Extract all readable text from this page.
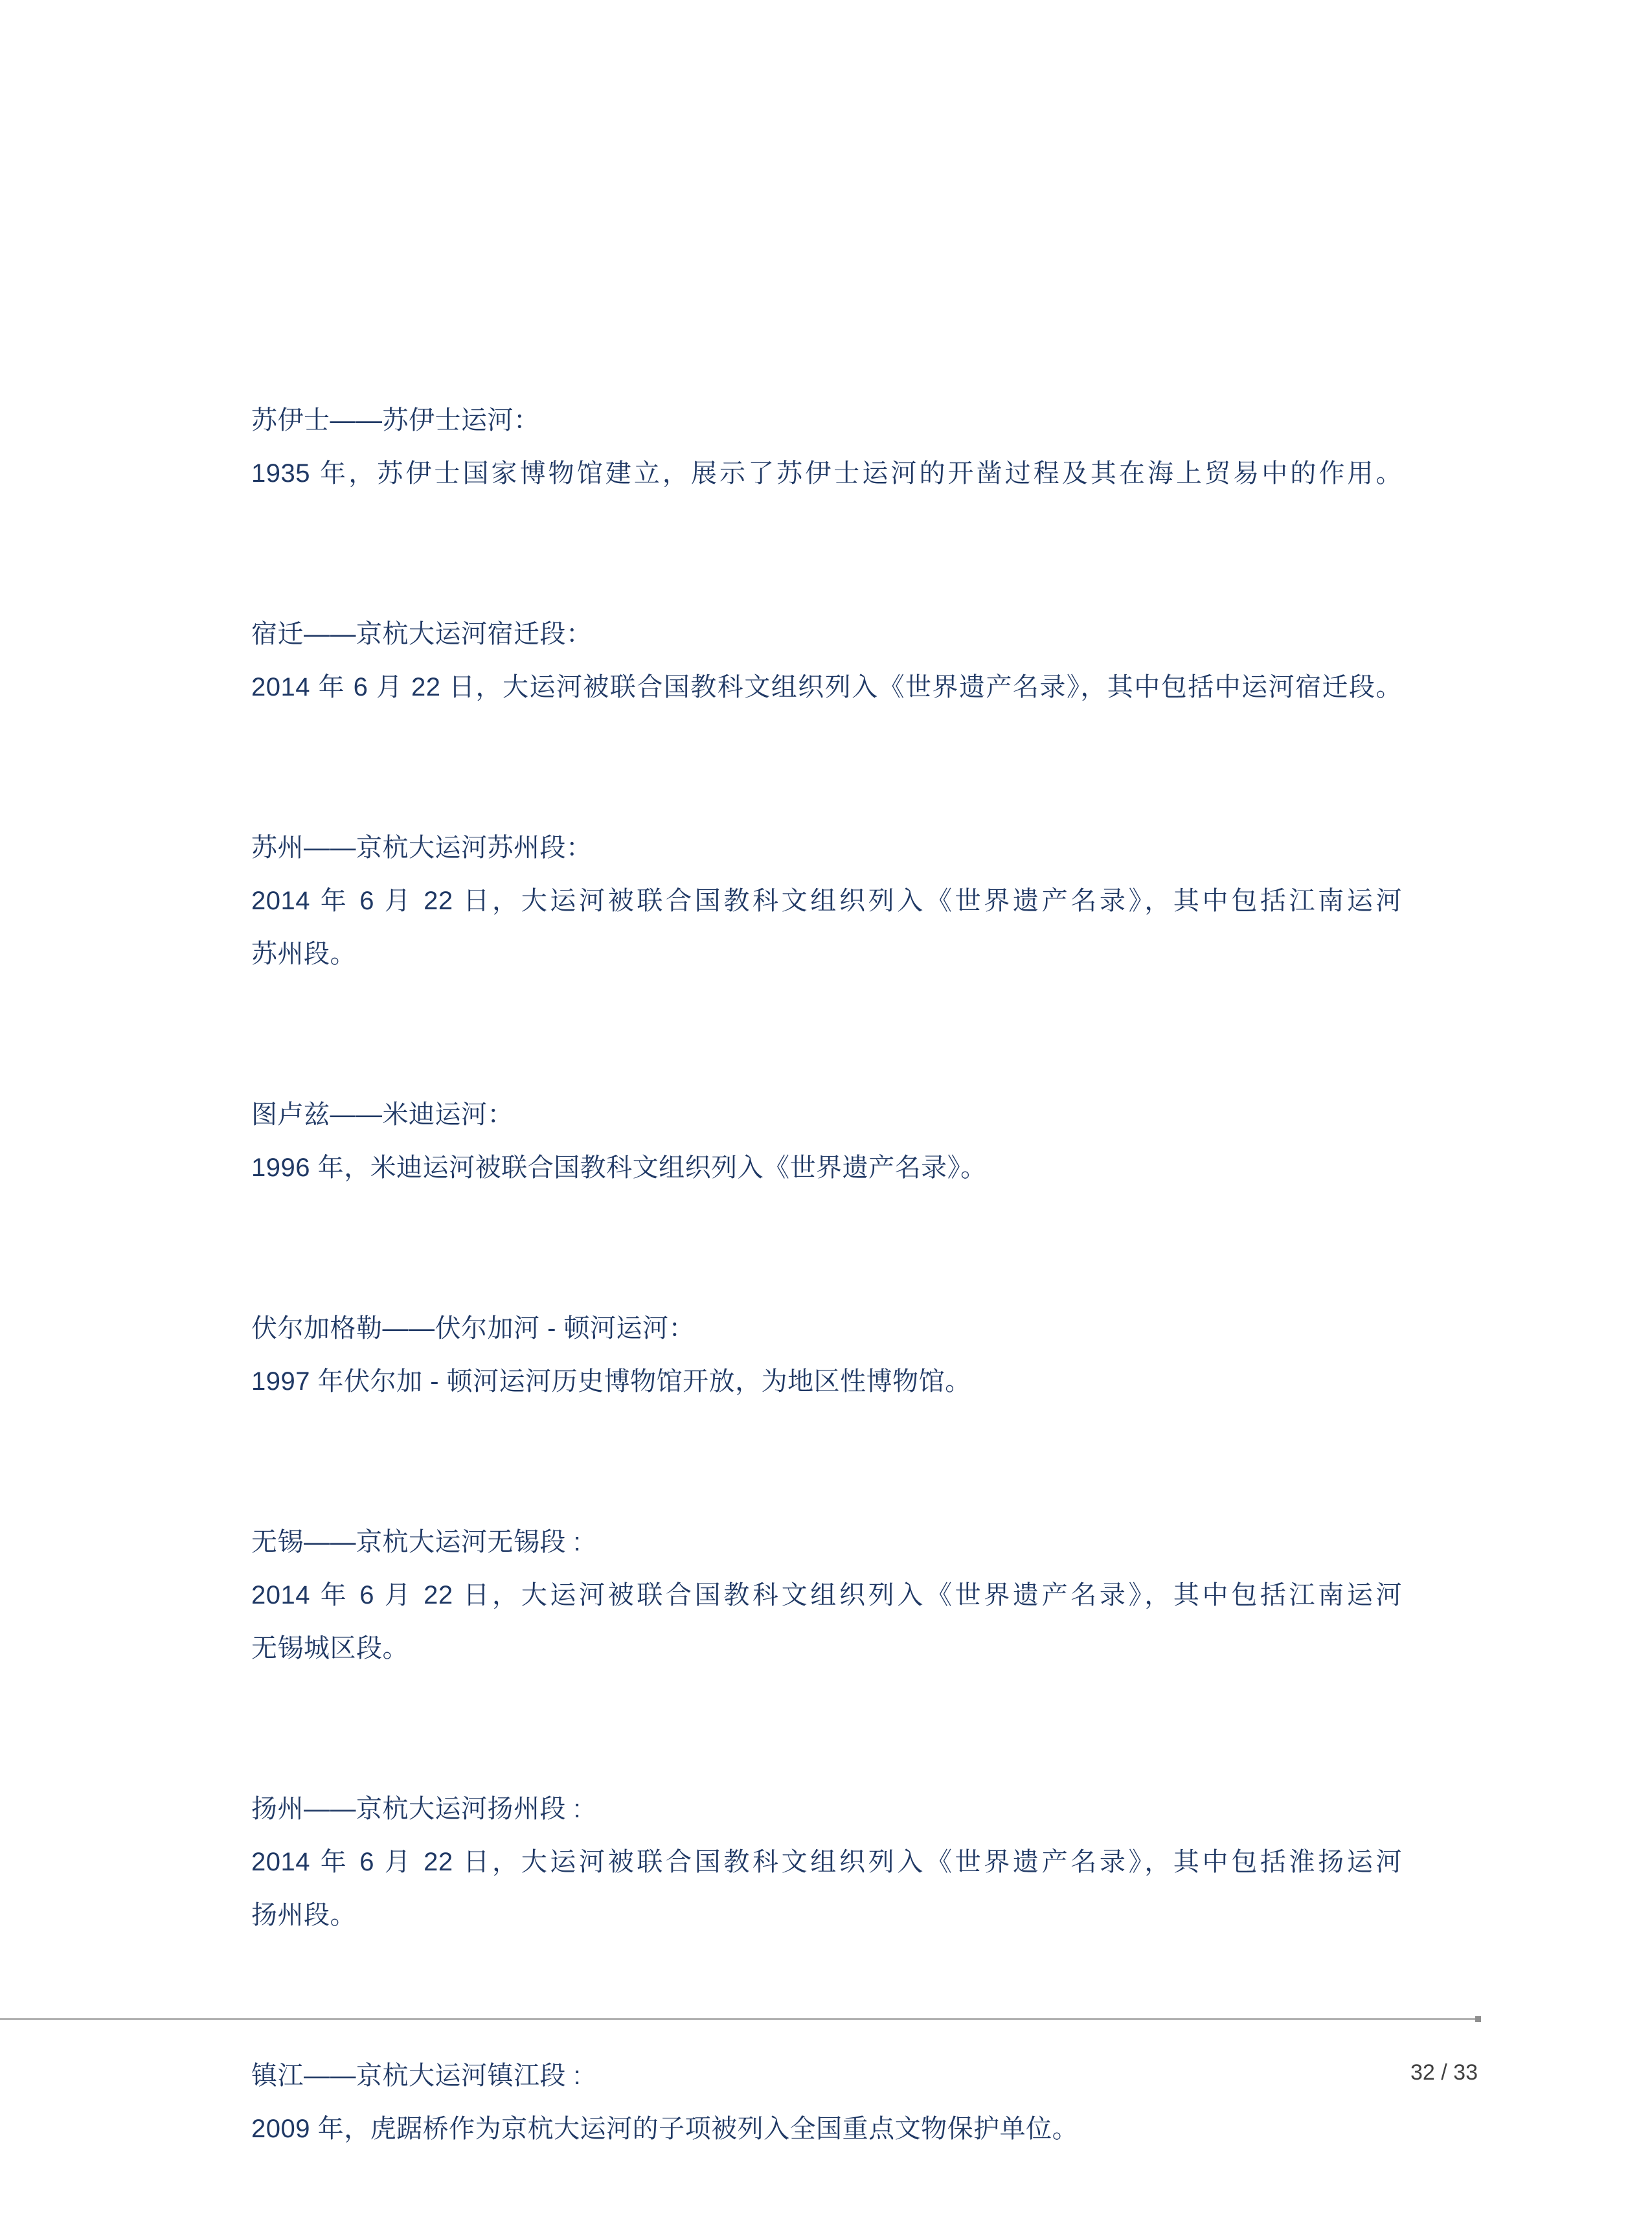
苏伊士——苏伊士运河：

1935 年，苏伊士国家博物馆建立，展示了苏伊士运河的开凿过程及其在海上贸易中的作用。

宿迁——京杭大运河宿迁段：

2014 年 6 月 22 日，大运河被联合国教科文组织列入《世界遗产名录》，其中包括中运河宿迁段。

苏州——京杭大运河苏州段：

2014 年 6 月 22 日，大运河被联合国教科文组织列入《世界遗产名录》，其中包括江南运河

苏州段。

图卢兹——米迪运河：

1996 年，米迪运河被联合国教科文组织列入《世界遗产名录》。

伏尔加格勒——伏尔加河 - 顿河运河：

1997 年伏尔加 - 顿河运河历史博物馆开放，为地区性博物馆。

无锡——京杭大运河无锡段 :

2014 年 6 月 22 日，大运河被联合国教科文组织列入《世界遗产名录》，其中包括江南运河

无锡城区段。

扬州——京杭大运河扬州段 :

2014 年 6 月 22 日，大运河被联合国教科文组织列入《世界遗产名录》，其中包括淮扬运河

扬州段。

镇江——京杭大运河镇江段 :

2009 年，虎踞桥作为京杭大运河的子项被列入全国重点文物保护单位。

32 / 33
